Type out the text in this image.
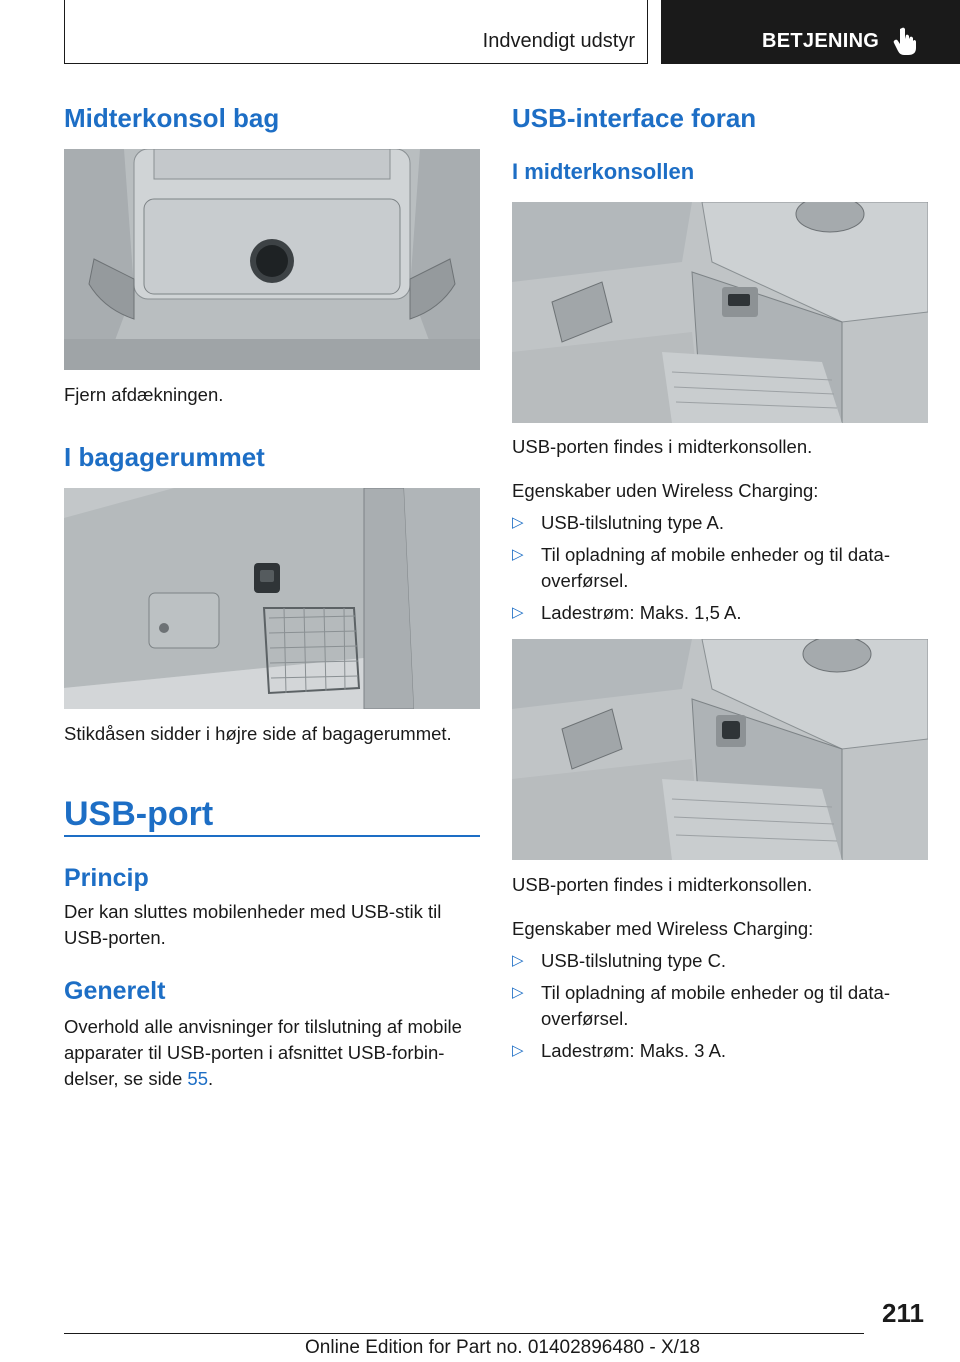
Indvendigt udstyr	BETJENING
Midterkonsol bag

Fjern afdækningen.

I bagagerummet

Stikdåsen sidder i højre side af bagagerummet.

USB-port
Princip

Der kan sluttes mobilenheder med USB-stik til USB-porten.

Generelt

Overhold alle anvisninger for tilslutning af mobile

apparater til USB-porten i afsnittet USB-forbin-

delser, se side 55.

USB-interface foran
I midterkonsollen

USB-porten findes i midterkonsollen.

Egenskaber uden Wireless Charging:

▷ USB-tilslutning type A.
▷ Til opladning af mobile enheder og til data-
overførsel.
▷ Ladestrøm: Maks. 1,5 A.

USB-porten findes i midterkonsollen.

Egenskaber med Wireless Charging:

▷ USB-tilslutning type C.
▷ Til opladning af mobile enheder og til data-
overførsel.
▷ Ladestrøm: Maks. 3 A.
211
Online Edition for Part no. 01402896480 - X/18
